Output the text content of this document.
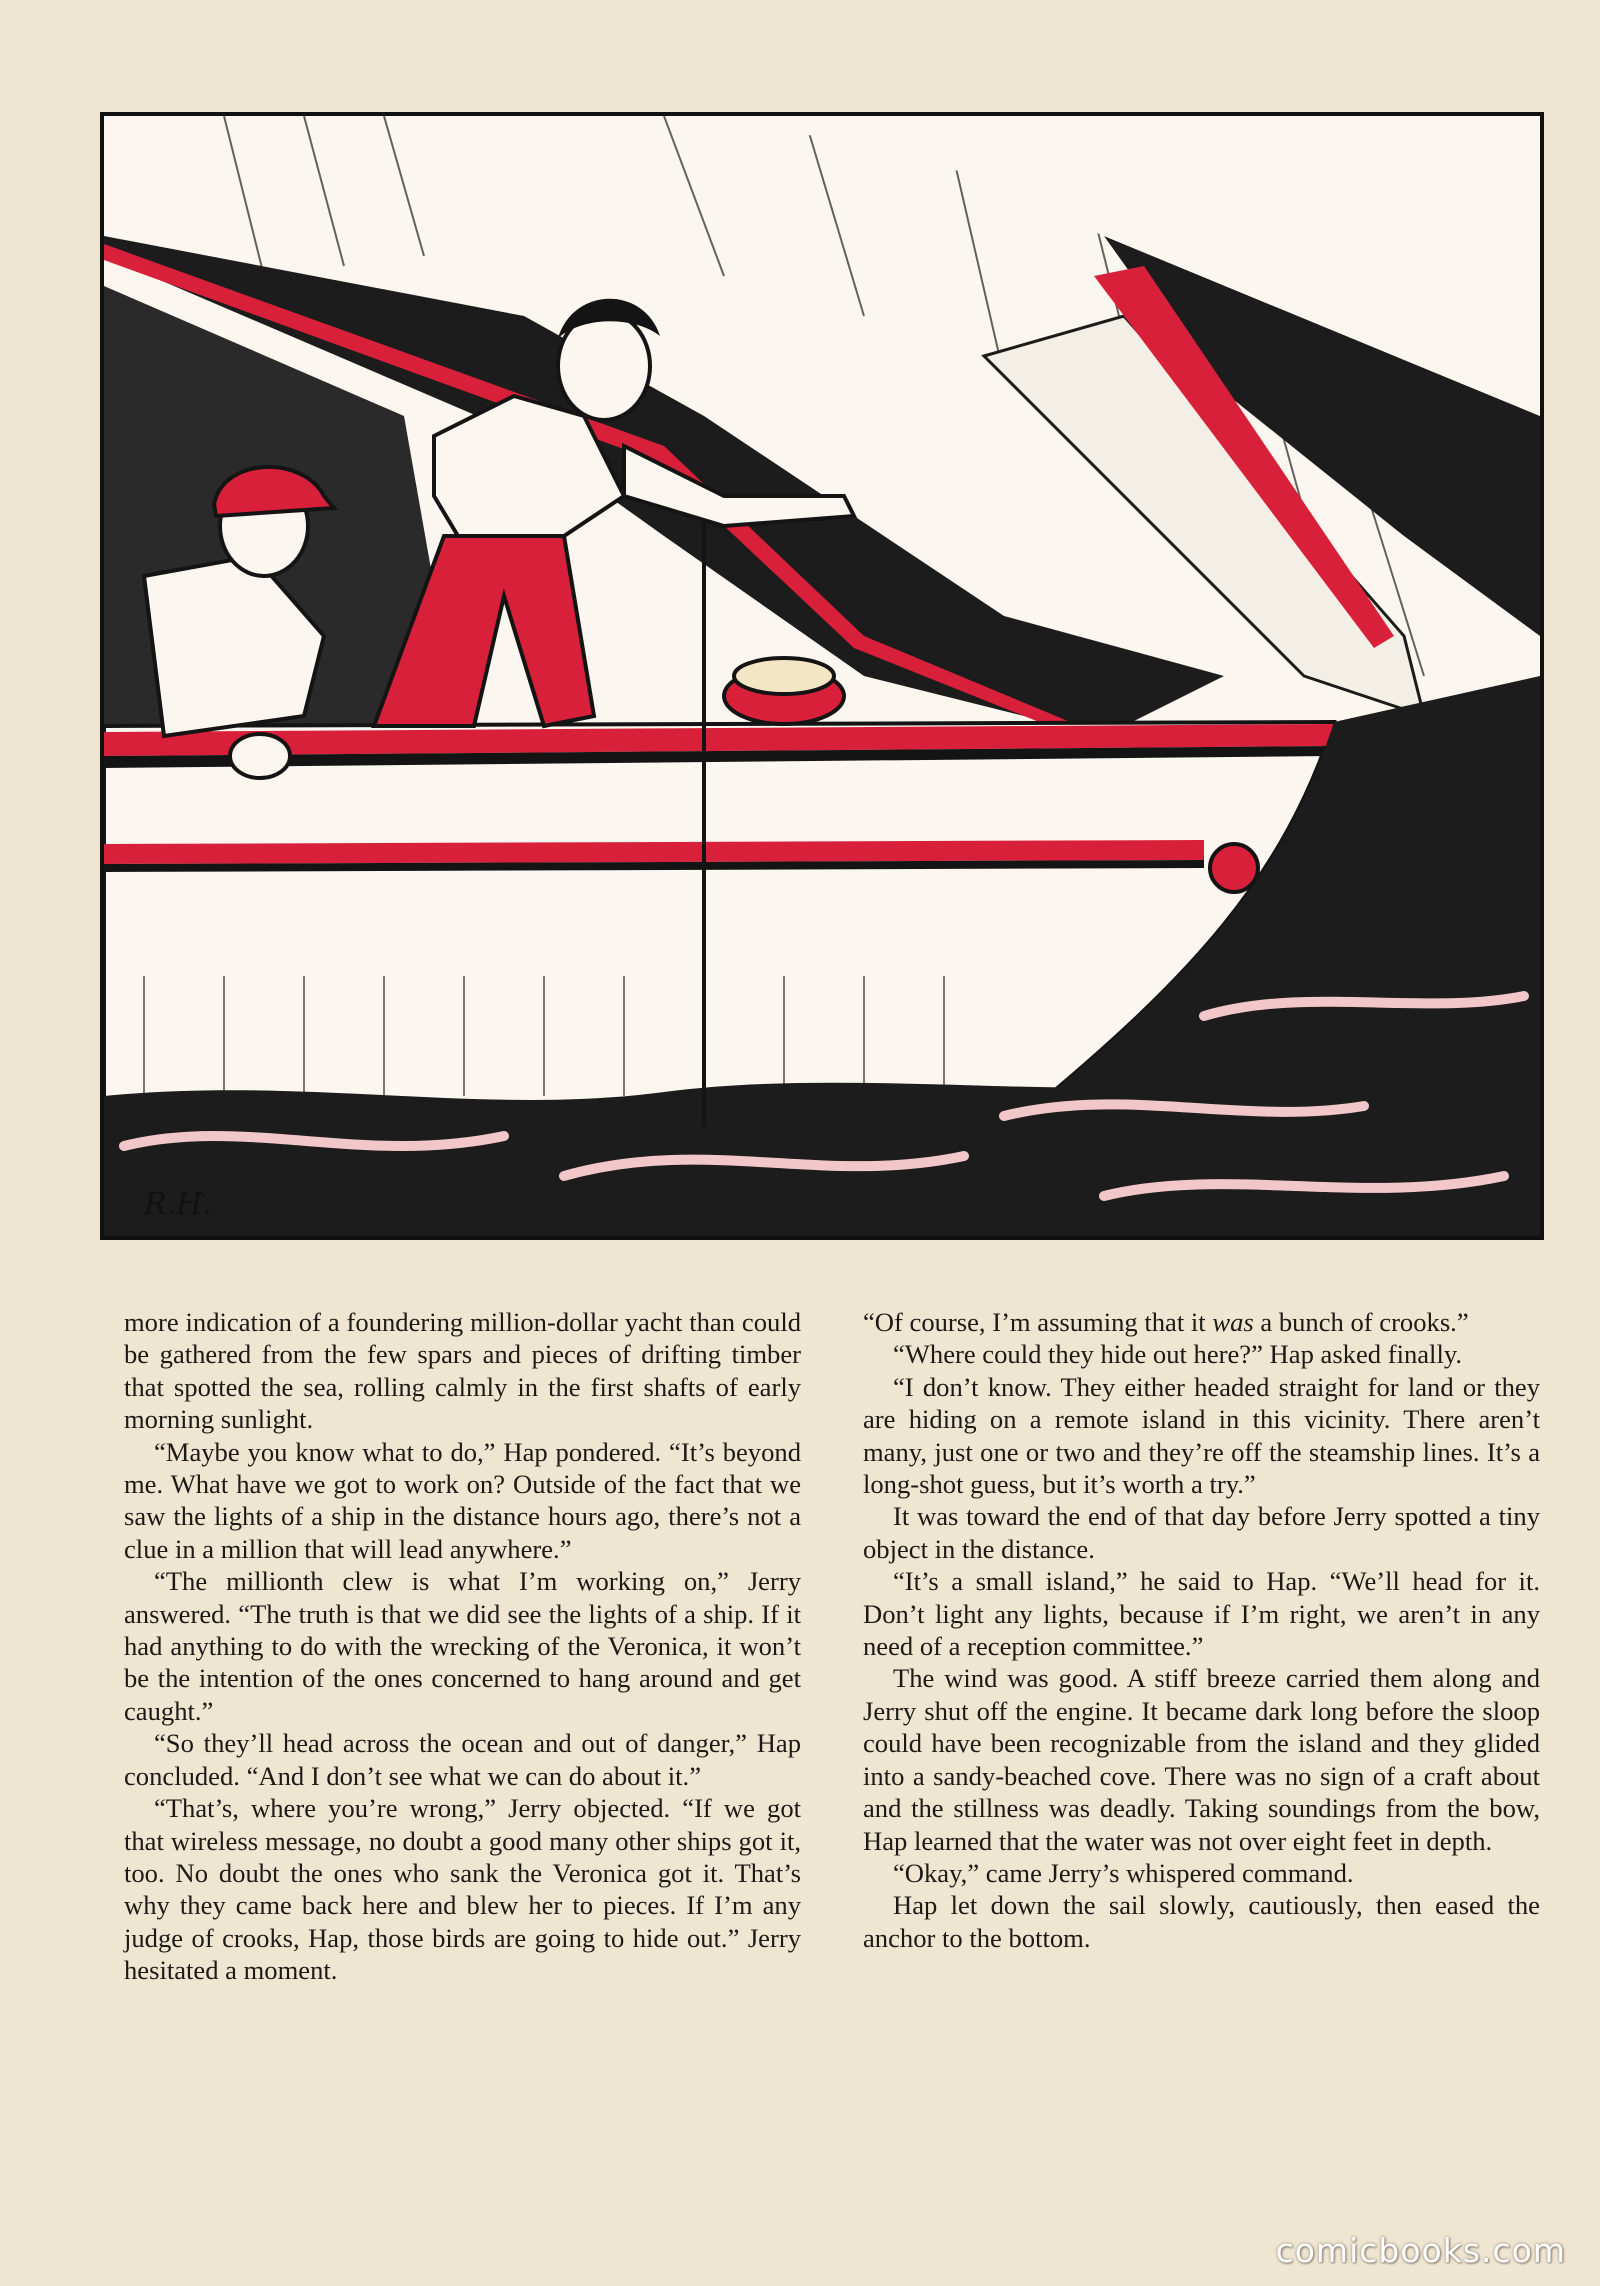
R.H.

more indication of a foundering million-dollar yacht than could be gathered from the few spars and pieces of drifting timber that spotted the sea, rolling calmly in the first shafts of early morning sunlight.

“Maybe you know what to do,” Hap pondered. “It’s beyond me. What have we got to work on? Outside of the fact that we saw the lights of a ship in the distance hours ago, there’s not a clue in a million that will lead anywhere.”

“The millionth clew is what I’m working on,” Jerry answered. “The truth is that we did see the lights of a ship. If it had anything to do with the wrecking of the Veronica, it won’t be the intention of the ones concerned to hang around and get caught.”

“So they’ll head across the ocean and out of danger,” Hap concluded. “And I don’t see what we can do about it.”

“That’s, where you’re wrong,” Jerry objected. “If we got that wireless message, no doubt a good many other ships got it, too. No doubt the ones who sank the Veronica got it. That’s why they came back here and blew her to pieces. If I’m any judge of crooks, Hap, those birds are going to hide out.” Jerry hesitated a moment.

“Of course, I’m assuming that it was a bunch of crooks.”

“Where could they hide out here?” Hap asked finally.

“I don’t know. They either headed straight for land or they are hiding on a remote island in this vicinity. There aren’t many, just one or two and they’re off the steamship lines. It’s a long-shot guess, but it’s worth a try.”

It was toward the end of that day before Jerry spotted a tiny object in the distance.

“It’s a small island,” he said to Hap. “We’ll head for it. Don’t light any lights, because if I’m right, we aren’t in any need of a reception committee.”

The wind was good. A stiff breeze carried them along and Jerry shut off the engine. It became dark long before the sloop could have been recognizable from the island and they glided into a sandy-beached cove. There was no sign of a craft about and the stillness was deadly. Taking soundings from the bow, Hap learned that the water was not over eight feet in depth.

“Okay,” came Jerry’s whispered command.

Hap let down the sail slowly, cautiously, then eased the anchor to the bottom.

comicbooks.com
